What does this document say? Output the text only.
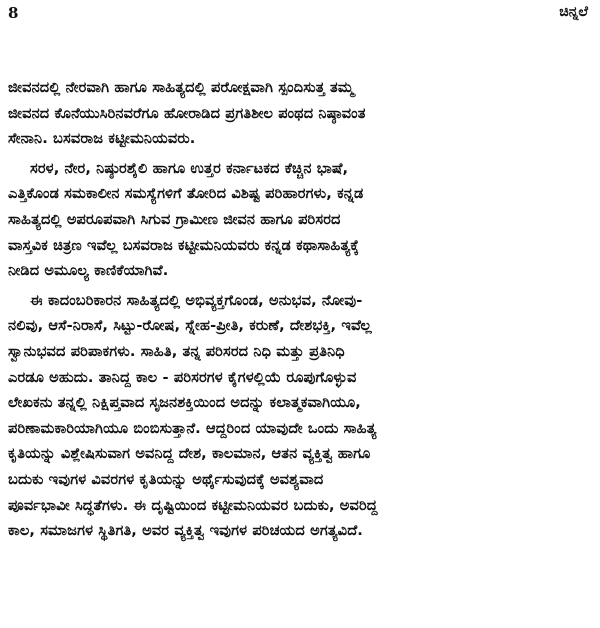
8	ಚಿನ್ನಲೆ
ಜೀವನದಲ್ಲಿ ನೇರವಾಗಿ ಹಾಗೂ ಸಾಹಿತ್ಯದಲ್ಲಿ ಪರೋಕ್ಷವಾಗಿ ಸ್ಪಂದಿಸುತ್ತ ತಮ್ಮ
ಜೀವನದ ಕೊನೆಯುಸಿರಿನವರೆಗೂ ಹೋರಾಡಿದ ಪ್ರಗತಿಶೀಲ ಪಂಥದ ನಿಷ್ಠಾವಂತ
ಸೇನಾನಿ. ಬಸವರಾಜ ಕಟ್ಟೀಮನಿಯವರು.
ಸರಳ, ನೇರ, ನಿಷ್ಠುರಶೈಲಿ ಹಾಗೂ ಉತ್ತರ ಕರ್ನಾಟಕದ ಕೆಚ್ಚಿನ ಭಾಷೆ,
ಎತ್ತಿಕೊಂಡ ಸಮಕಾಲೀನ ಸಮಸ್ಯೆಗಳಿಗೆ ತೋರಿದ ವಿಶಿಷ್ಟ ಪರಿಹಾರಗಳು, ಕನ್ನಡ
ಸಾಹಿತ್ಯದಲ್ಲಿ ಅಪರೂಪವಾಗಿ ಸಿಗುವ ಗ್ರಾಮೀಣ ಜೀವನ ಹಾಗೂ ಪರಿಸರದ
ವಾಸ್ತವಿಕ ಚಿತ್ರಣ ಇವೆಲ್ಲ ಬಸವರಾಜ ಕಟ್ಟೀಮನಿಯವರು ಕನ್ನಡ ಕಥಾಸಾಹಿತ್ಯಕ್ಕೆ
ನೀಡಿದ ಅಮೂಲ್ಯ ಕಾಣಿಕೆಯಾಗಿವೆ.
ಈ ಕಾದಂಬರಿಕಾರನ ಸಾಹಿತ್ಯದಲ್ಲಿ ಅಭಿವ್ಯಕ್ತಗೊಂಡ, ಅನುಭವ, ನೋವು-
ನಲಿವು, ಆಸೆ-ನಿರಾಸೆ, ಸಿಟ್ಟು-ರೋಷ, ಸ್ನೇಹ-ಪ್ರೀತಿ, ಕರುಣೆ, ದೇಶಭಕ್ತಿ, ಇವೆಲ್ಲ
ಸ್ವಾನುಭವದ ಪರಿಪಾಕಗಳು. ಸಾಹಿತಿ, ತನ್ನ ಪರಿಸರದ ನಿಧಿ ಮತ್ತು ಪ್ರತಿನಿಧಿ
ಎರಡೂ ಅಹುದು. ತಾನಿದ್ದ ಕಾಲ - ಪರಿಸರಗಳ ಕೈಗಳಲ್ಲಿಯೆ ರೂಪುಗೊಳ್ಳುವ
ಲೇಖಕನು ತನ್ನಲ್ಲಿ ನಿಕ್ಷಿಪ್ತವಾದ ಸೃಜನಶಕ್ತಿಯಿಂದ ಅದನ್ನು ಕಲಾತ್ಮಕವಾಗಿಯೂ,
ಪರಿಣಾಮಕಾರಿಯಾಗಿಯೂ ಬಿಂಬಿಸುತ್ತಾನೆ. ಆದ್ದರಿಂದ ಯಾವುದೇ ಒಂದು ಸಾಹಿತ್ಯ
ಕೃತಿಯನ್ನು ವಿಶ್ಲೇಷಿಸುವಾಗ ಅವನಿದ್ದ ದೇಶ, ಕಾಲಮಾನ, ಆತನ ವ್ಯಕ್ತಿತ್ವ ಹಾಗೂ
ಬದುಕು ಇವುಗಳ ವಿವರಗಳ ಕೃತಿಯನ್ನು ಅರ್ಥೈಸುವುದಕ್ಕೆ ಅವಶ್ಯವಾದ
ಪೂರ್ವಭಾವೀ ಸಿದ್ಧತೆಗಳು. ಈ ದೃಷ್ಟಿಯಿಂದ ಕಟ್ಟೀಮನಿಯವರ ಬದುಕು, ಅವರಿದ್ದ
ಕಾಲ, ಸಮಾಜಗಳ ಸ್ಥಿತಿಗತಿ, ಅವರ ವ್ಯಕ್ತಿತ್ವ ಇವುಗಳ ಪರಿಚಯದ ಅಗತ್ಯವಿದೆ.
